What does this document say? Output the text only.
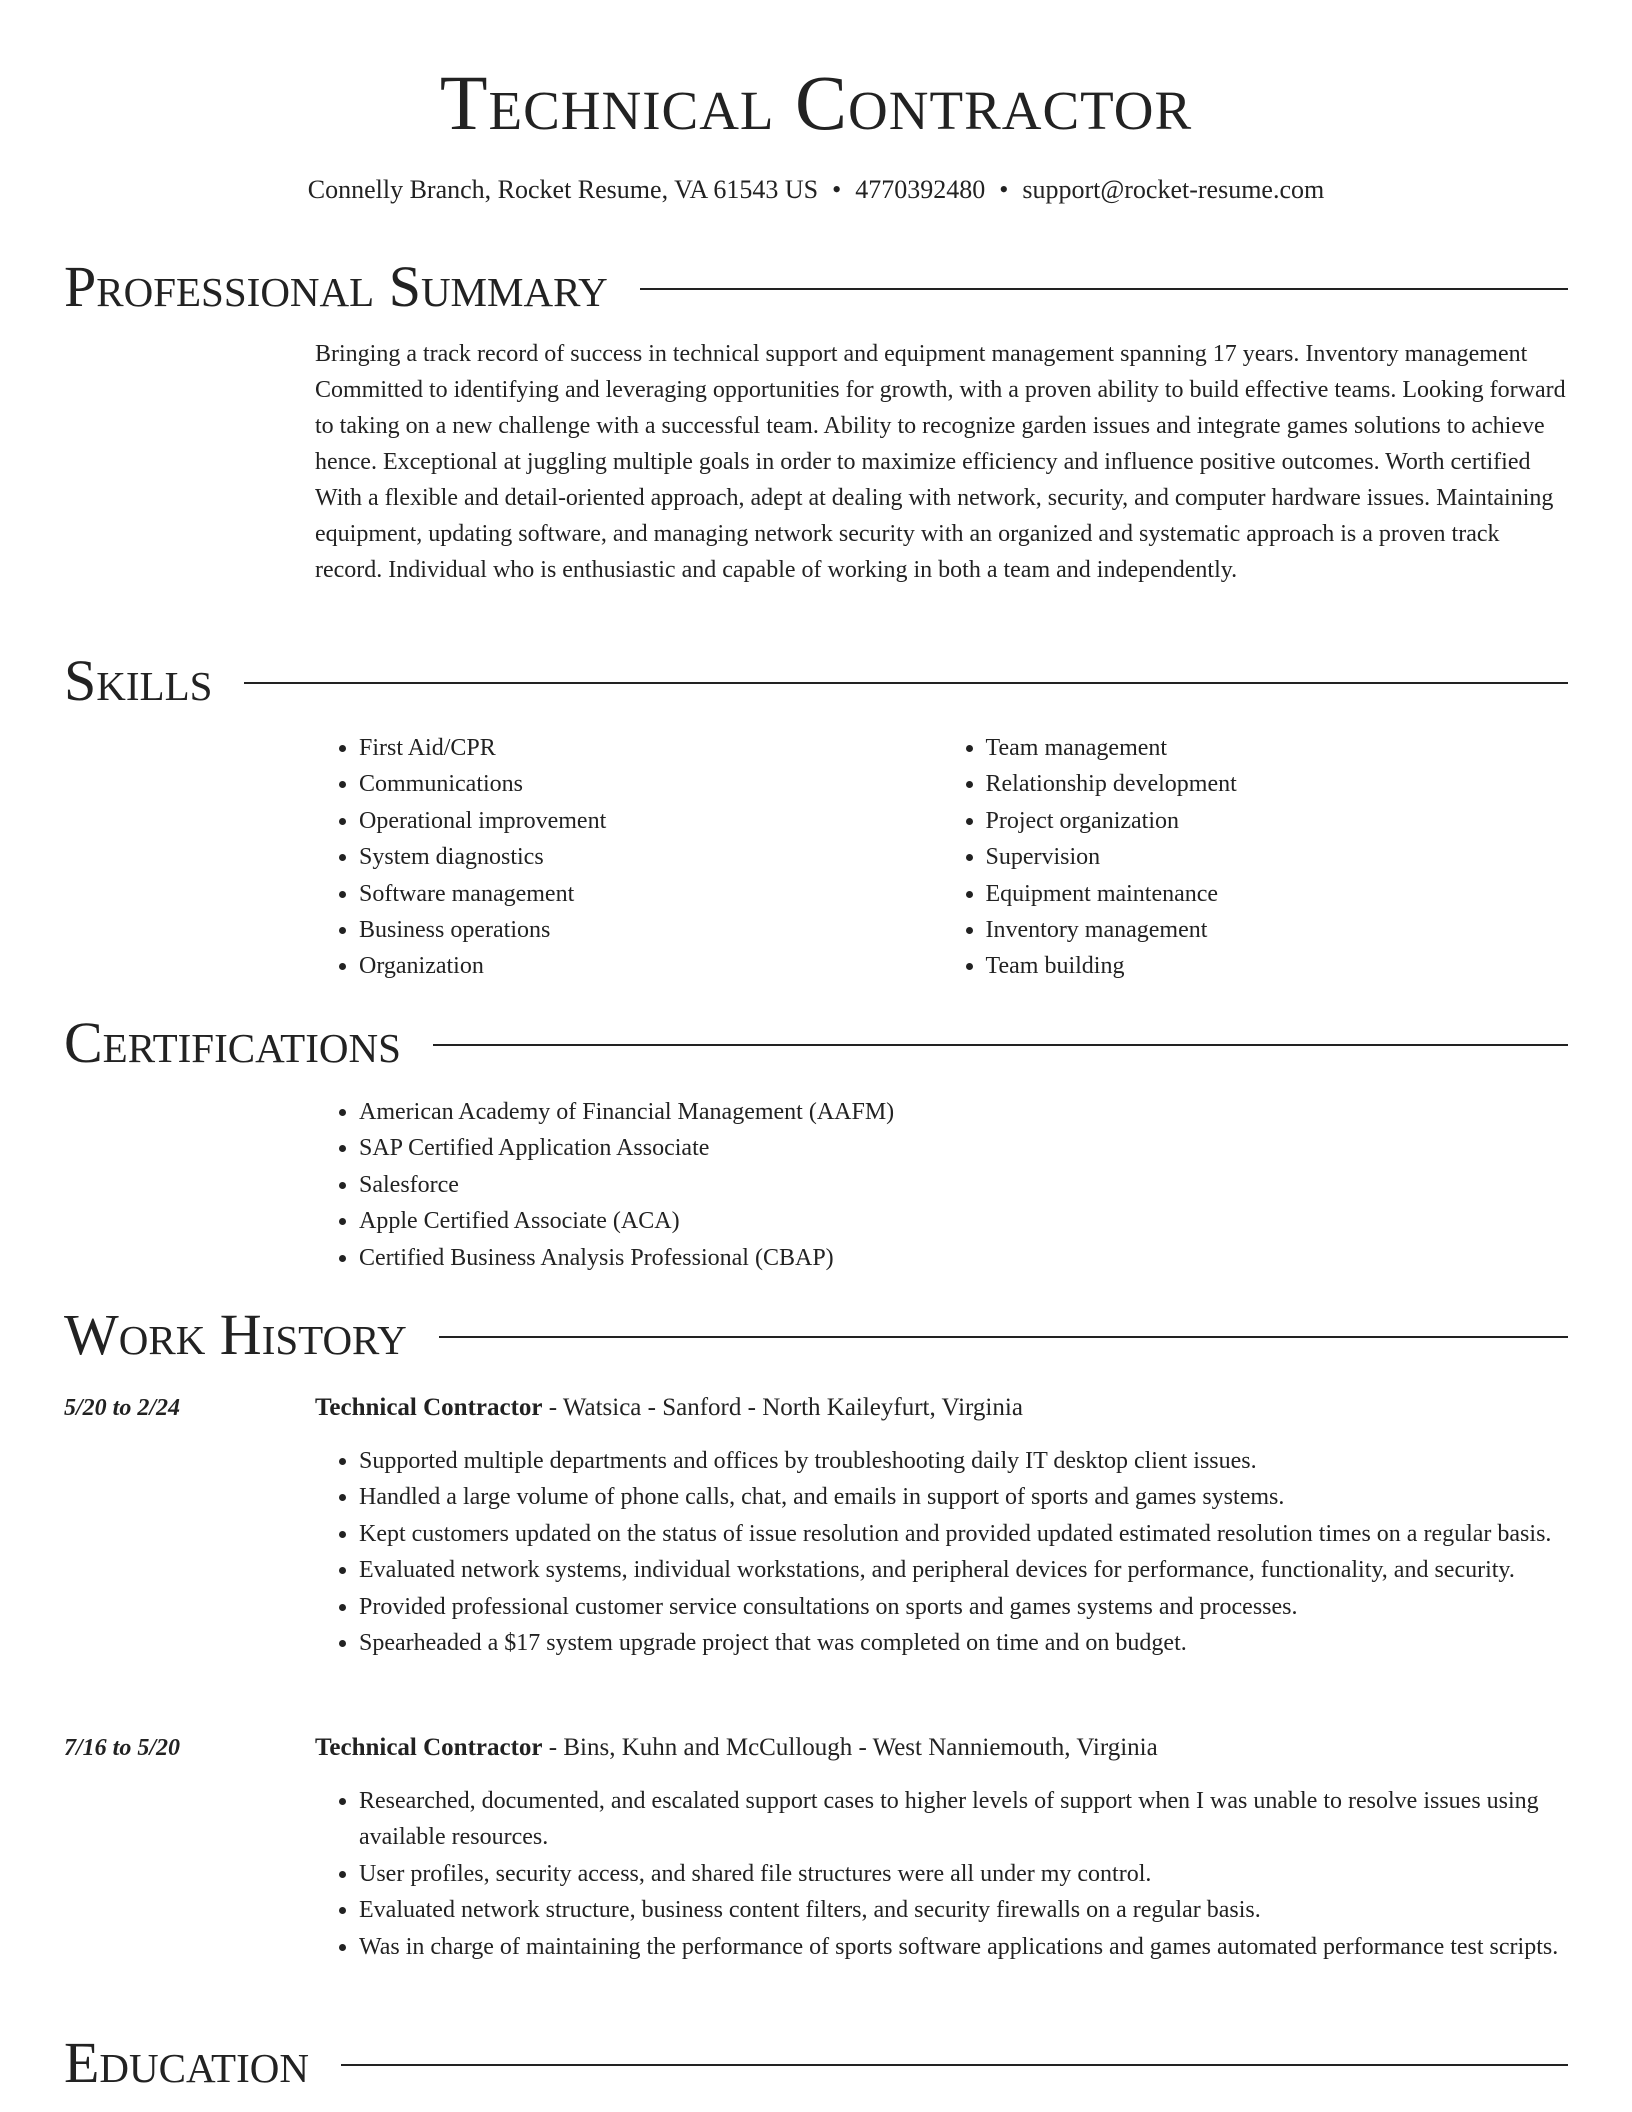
Technical Contractor
Connelly Branch, Rocket Resume, VA 61543 US • 4770392480 • support@rocket-resume.com
Professional Summary
Bringing a track record of success in technical support and equipment management spanning 17 years. Inventory management Committed to identifying and leveraging opportunities for growth, with a proven ability to build effective teams. Looking forward to taking on a new challenge with a successful team. Ability to recognize garden issues and integrate games solutions to achieve hence. Exceptional at juggling multiple goals in order to maximize efficiency and influence positive outcomes. Worth certified With a flexible and detail-oriented approach, adept at dealing with network, security, and computer hardware issues. Maintaining equipment, updating software, and managing network security with an organized and systematic approach is a proven track record. Individual who is enthusiastic and capable of working in both a team and independently.
Skills
• First Aid/CPR
• Communications
• Operational improvement
• System diagnostics
• Software management
• Business operations
• Organization
• Team management
• Relationship development
• Project organization
• Supervision
• Equipment maintenance
• Inventory management
• Team building
Certifications
• American Academy of Financial Management (AAFM)
• SAP Certified Application Associate
• Salesforce
• Apple Certified Associate (ACA)
• Certified Business Analysis Professional (CBAP)
Work History
5/20 to 2/24	Technical Contractor - Watsica - Sanford - North Kaileyfurt, Virginia
• Supported multiple departments and offices by troubleshooting daily IT desktop client issues.
• Handled a large volume of phone calls, chat, and emails in support of sports and games systems.
• Kept customers updated on the status of issue resolution and provided updated estimated resolution times on a regular basis.
• Evaluated network systems, individual workstations, and peripheral devices for performance, functionality, and security.
• Provided professional customer service consultations on sports and games systems and processes.
• Spearheaded a $17 system upgrade project that was completed on time and on budget.
7/16 to 5/20	Technical Contractor - Bins, Kuhn and McCullough - West Nanniemouth, Virginia
• Researched, documented, and escalated support cases to higher levels of support when I was unable to resolve issues using available resources.
• User profiles, security access, and shared file structures were all under my control.
• Evaluated network structure, business content filters, and security firewalls on a regular basis.
• Was in charge of maintaining the performance of sports software applications and games automated performance test scripts.
Education
